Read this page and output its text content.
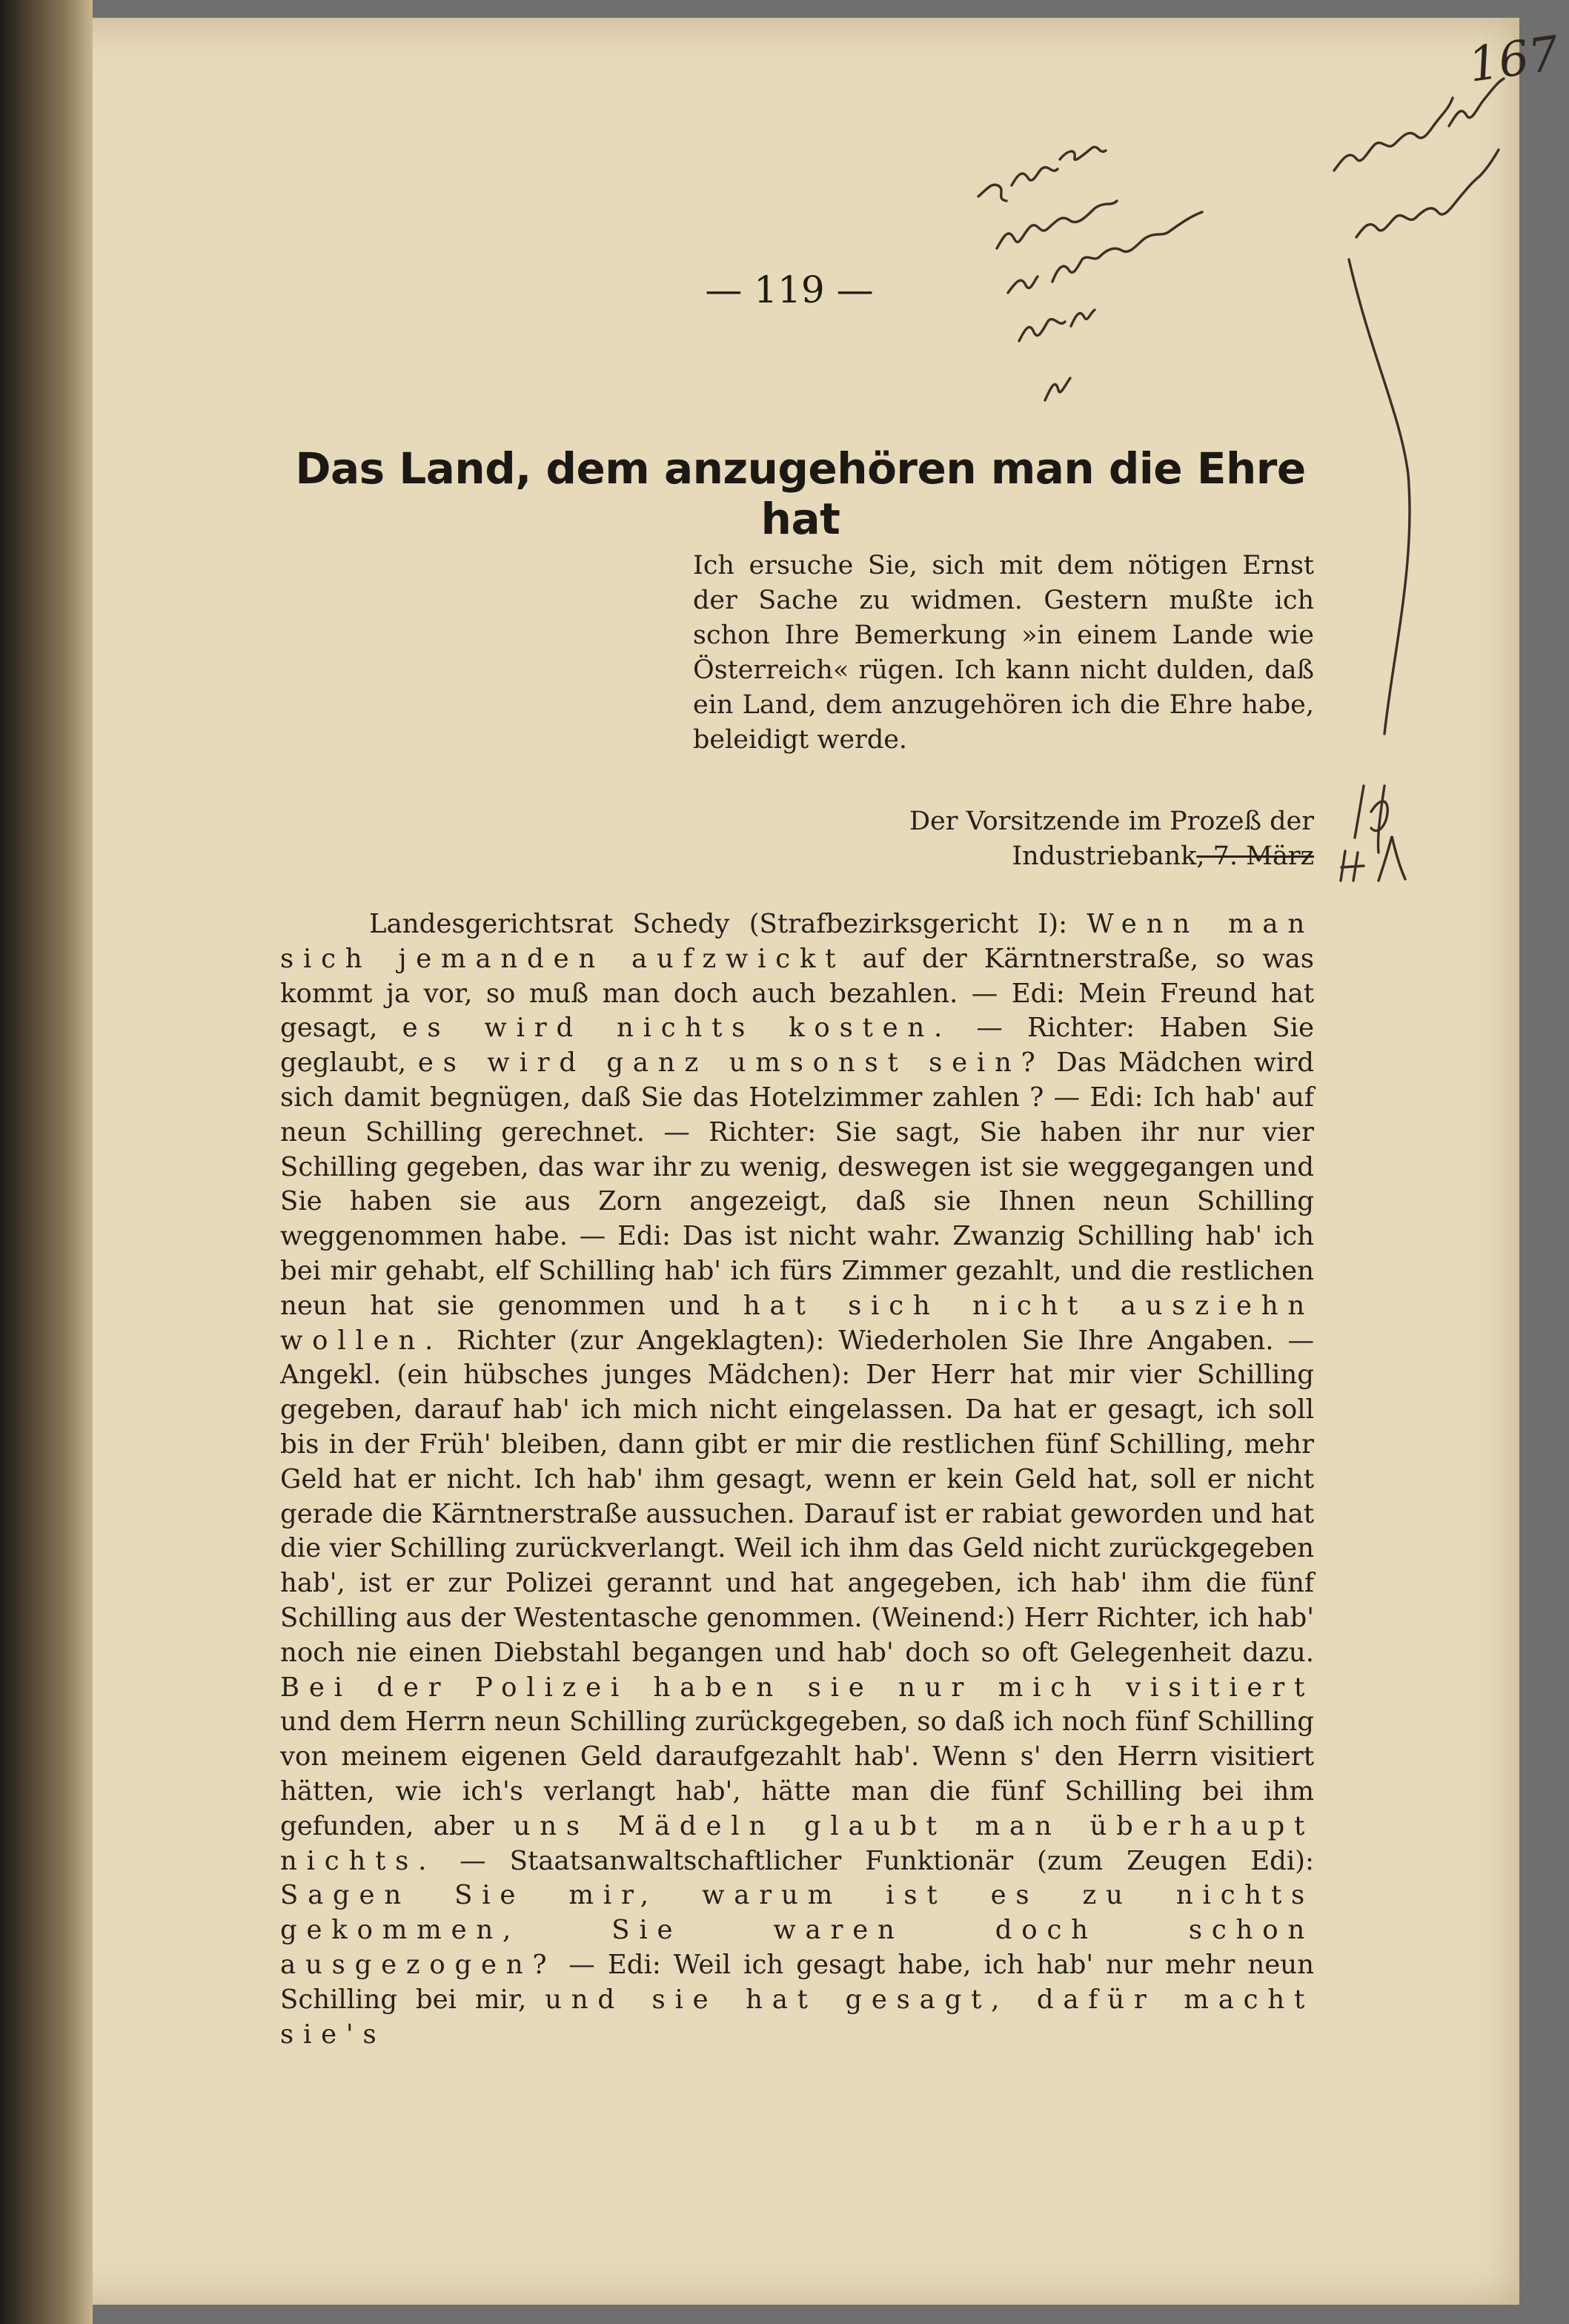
— 119 —
Das Land, dem anzugehören man die Ehre hat

Ich ersuche Sie, sich mit dem nötigen Ernst der Sache zu widmen. Gestern mußte ich schon Ihre Bemerkung »in einem Lande wie Österreich« rügen. Ich kann nicht dulden, daß ein Land, dem anzugehören ich die Ehre habe, beleidigt werde.

Der Vorsitzende im Prozeß der
Industriebank, 7. März

Landesgerichtsrat Schedy (Strafbezirksgericht I): Wenn man sich jemanden aufzwickt auf der Kärntnerstraße, so was kommt ja vor, so muß man doch auch bezahlen. — Edi: Mein Freund hat gesagt, es wird nichts kosten. — Richter: Haben Sie geglaubt, es wird ganz umsonst sein? Das Mädchen wird sich damit begnügen, daß Sie das Hotelzimmer zahlen ? — Edi: Ich hab' auf neun Schilling gerechnet. — Richter: Sie sagt, Sie haben ihr nur vier Schilling gegeben, das war ihr zu wenig, deswegen ist sie weggegangen und Sie haben sie aus Zorn angezeigt, daß sie Ihnen neun Schilling weggenommen habe. — Edi: Das ist nicht wahr. Zwanzig Schilling hab' ich bei mir gehabt, elf Schilling hab' ich fürs Zimmer gezahlt, und die restlichen neun hat sie genommen und hat sich nicht ausziehn wollen. Richter (zur Angeklagten): Wiederholen Sie Ihre Angaben. — Angekl. (ein hübsches junges Mädchen): Der Herr hat mir vier Schilling gegeben, darauf hab' ich mich nicht eingelassen. Da hat er gesagt, ich soll bis in der Früh' bleiben, dann gibt er mir die restlichen fünf Schilling, mehr Geld hat er nicht. Ich hab' ihm gesagt, wenn er kein Geld hat, soll er nicht gerade die Kärntnerstraße aussuchen. Darauf ist er rabiat geworden und hat die vier Schilling zurückverlangt. Weil ich ihm das Geld nicht zurückgegeben hab', ist er zur Polizei gerannt und hat angegeben, ich hab' ihm die fünf Schilling aus der Westentasche genommen. (Weinend:) Herr Richter, ich hab' noch nie einen Diebstahl begangen und hab' doch so oft Gelegenheit dazu. Bei der Polizei haben sie nur mich visitiert und dem Herrn neun Schilling zurückgegeben, so daß ich noch fünf Schilling von meinem eigenen Geld daraufgezahlt hab'. Wenn s' den Herrn visitiert hätten, wie ich's verlangt hab', hätte man die fünf Schilling bei ihm gefunden, aber uns Mädeln glaubt man überhaupt nichts. — Staatsanwaltschaftlicher Funktionär (zum Zeugen Edi): Sagen Sie mir, warum ist es zu nichts gekommen, Sie waren doch schon ausgezogen? — Edi: Weil ich gesagt habe, ich hab' nur mehr neun Schilling bei mir, und sie hat gesagt, dafür macht sie's

167
